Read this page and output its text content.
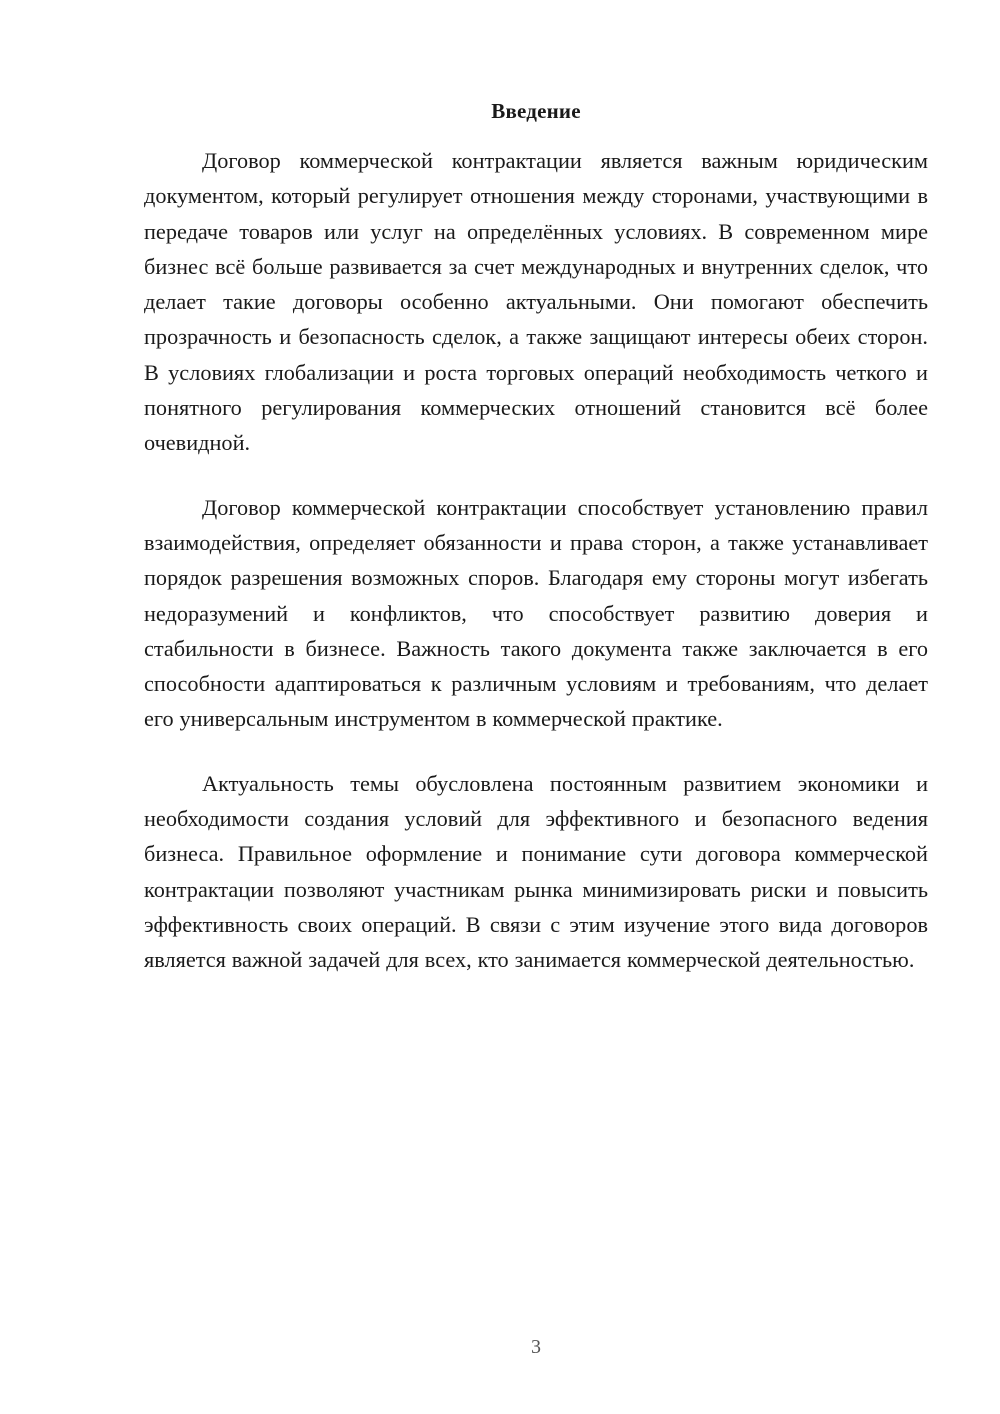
Введение

Договор коммерческой контрактации является важным юридическим документом, который регулирует отношения между сторонами, участвующими в передаче товаров или услуг на определённых условиях. В современном мире бизнес всё больше развивается за счет международных и внутренних сделок, что делает такие договоры особенно актуальными. Они помогают обеспечить прозрачность и безопасность сделок, а также защищают интересы обеих сторон. В условиях глобализации и роста торговых операций необходимость четкого и понятного регулирования коммерческих отношений становится всё более очевидной.

Договор коммерческой контрактации способствует установлению правил взаимодействия, определяет обязанности и права сторон, а также устанавливает порядок разрешения возможных споров. Благодаря ему стороны могут избегать недоразумений и конфликтов, что способствует развитию доверия и стабильности в бизнесе. Важность такого документа также заключается в его способности адаптироваться к различным условиям и требованиям, что делает его универсальным инструментом в коммерческой практике.

Актуальность темы обусловлена постоянным развитием экономики и необходимости создания условий для эффективного и безопасного ведения бизнеса. Правильное оформление и понимание сути договора коммерческой контрактации позволяют участникам рынка минимизировать риски и повысить эффективность своих операций. В связи с этим изучение этого вида договоров является важной задачей для всех, кто занимается коммерческой деятельностью.

3
